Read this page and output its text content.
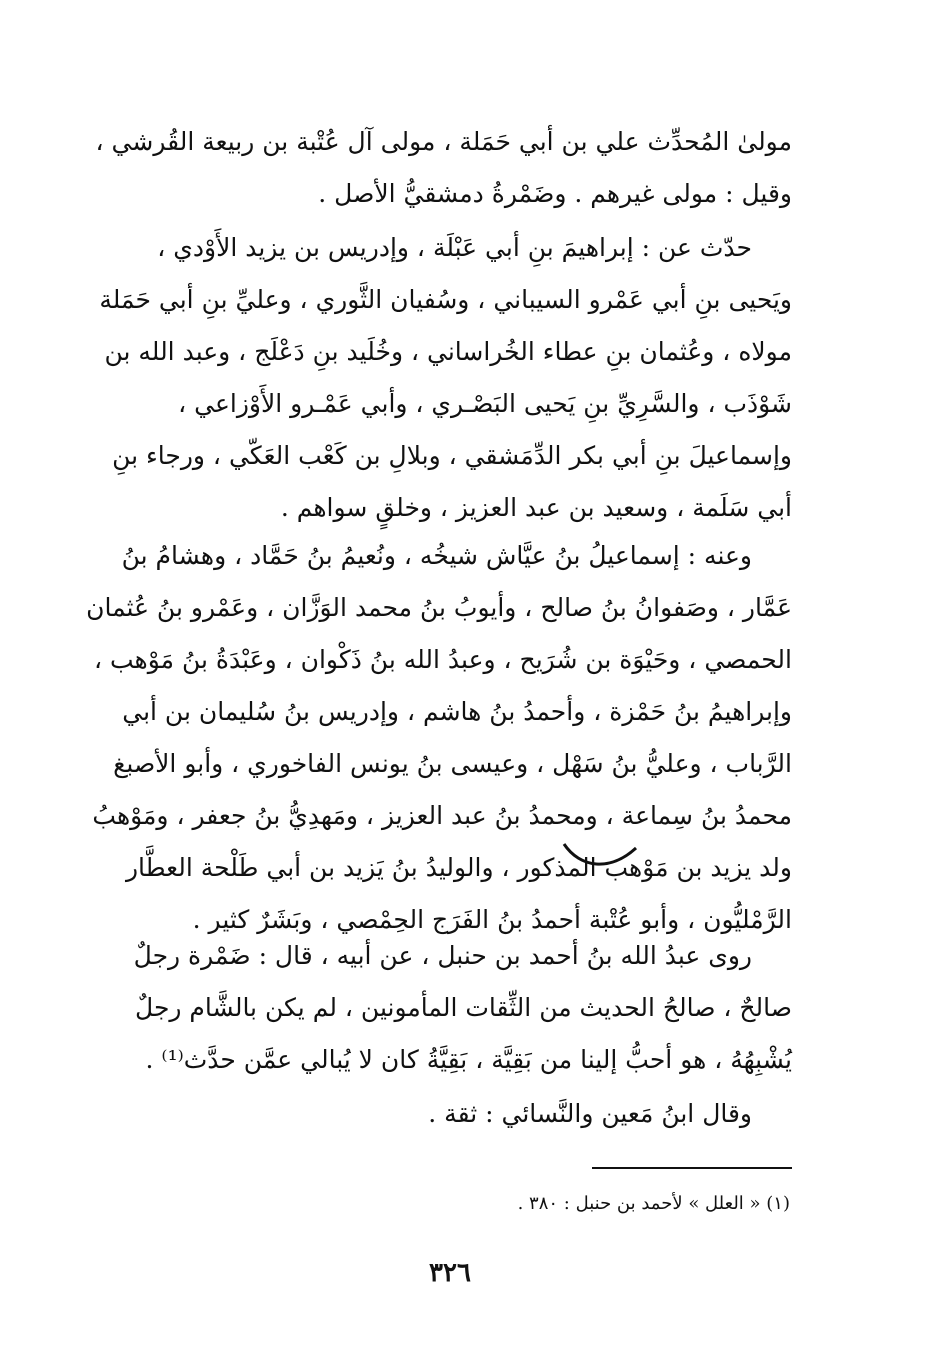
مولىٰ المُحدِّث علي بن أبي حَمَلة ، مولى آل عُتْبة بن ربيعة القُرشي ،
وقيل : مولى غيرهم . وضَمْرةُ دمشقيُّ الأصل .
حدّث عن : إبراهيمَ بنِ أبي عَبْلَة ، وإدريس بن يزيد الأَوْدي ،
ويَحيى بنِ أبي عَمْرو السيباني ، وسُفيان الثَّوري ، وعليِّ بنِ أبي حَمَلة
مولاه ، وعُثمان بنِ عطاء الخُراساني ، وخُلَيد بنِ دَعْلَج ، وعبد الله بن
شَوْذَب ، والسَّرِيِّ بنِ يَحيى البَصْـري ، وأبي عَمْـرو الأَوْزاعي ،
وإسماعيلَ بنِ أبي بكر الدِّمَشقي ، وبلالِ بن كَعْب العَكّي ، ورجاء بنِ
أبي سَلَمة ، وسعيد بن عبد العزيز ، وخلقٍ سواهم .
وعنه : إسماعيلُ بنُ عيَّاش شيخُه ، ونُعيمُ بنُ حَمَّاد ، وهشامُ بنُ
عَمَّار ، وصَفوانُ بنُ صالح ، وأيوبُ بنُ محمد الوَزَّان ، وعَمْرو بنُ عُثمان
الحمصي ، وحَيْوَة بن شُرَيح ، وعبدُ الله بنُ ذَكْوان ، وعَبْدَةُ بنُ مَوْهب ،
وإبراهيمُ بنُ حَمْزة ، وأحمدُ بنُ هاشم ، وإدريس بنُ سُليمان بن أبي
الرَّباب ، وعليُّ بنُ سَهْل ، وعيسى بنُ يونس الفاخوري ، وأبو الأصبغ
محمدُ بنُ سِماعة ، ومحمدُ بنُ عبد العزيز ، ومَهدِيُّ بنُ جعفر ، ومَوْهبُ
ولد يزيد بن مَوْهب المذكور ، والوليدُ بنُ يَزيد بن أبي طَلْحة العطَّار
الرَّمْليُّون ، وأبو عُتْبة أحمدُ بنُ الفَرَج الحِمْصي ، وبَشَرٌ كثير .
روى عبدُ الله بنُ أحمد بن حنبل ، عن أبيه ، قال : ضَمْرة رجلٌ
صالحٌ ، صالحُ الحديث من الثِّقات المأمونين ، لم يكن بالشَّام رجلٌ
يُشْبِهُهُ ، هو أحبُّ إلينا من بَقِيَّة ، بَقِيَّةُ كان لا يُبالي عمَّن حدَّث⁽¹⁾ .
وقال ابنُ مَعين والنَّسائي : ثقة .
(١) « العلل » لأحمد بن حنبل : ٣٨٠ .
٣٢٦
